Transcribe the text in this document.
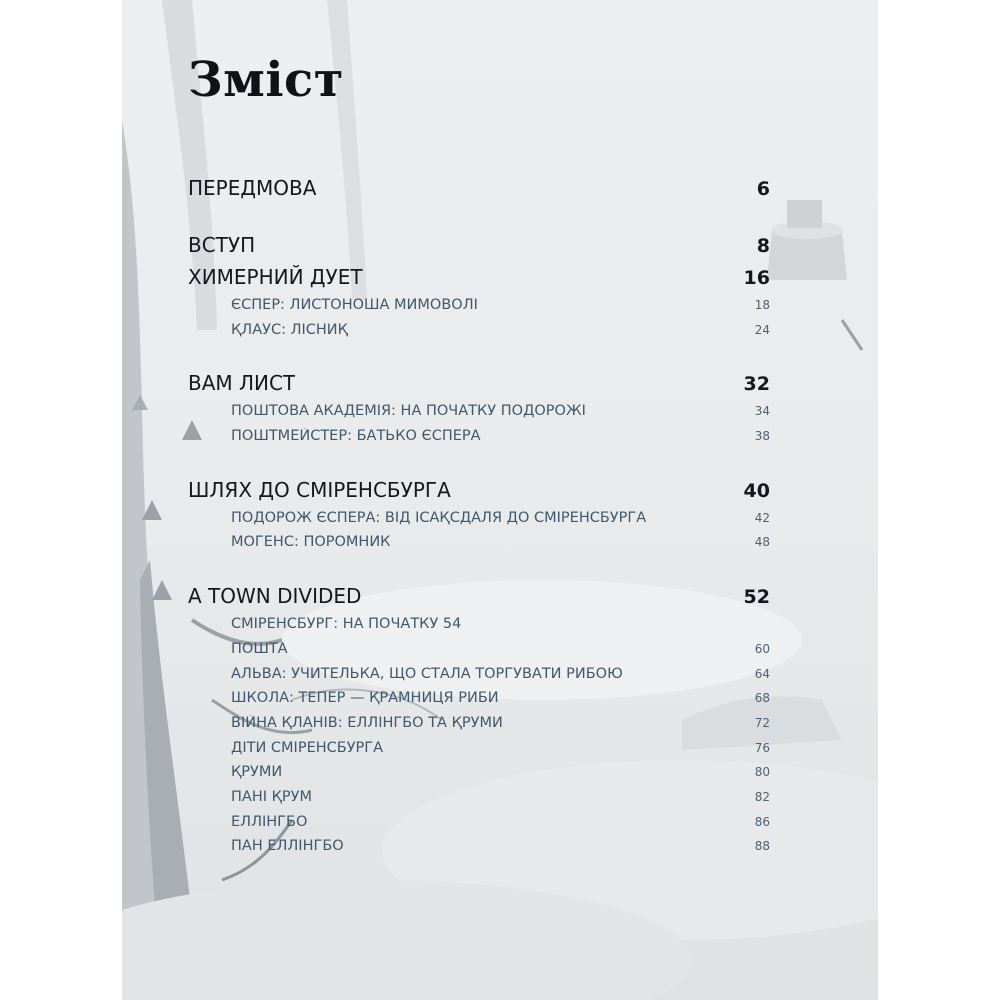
Зміст
ПЕРЕДМОВА	6
ВСТУП	8
ХИМЕРНИЙ ДУЕТ	16
ЄСПЕР: ЛИСТОНОША МИМОВОЛІ	18
ҚЛАУС: ЛІСНИҚ	24
ВАМ ЛИСТ	32
ПОШТОВА АКАДЕМІЯ: НА ПОЧАТКУ ПОДОРОЖІ	34
ПОШТМЕЙСТЕР: БАТЬКО ЄСПЕРА	38
ШЛЯХ ДО СМІРЕНСБУРГА	40
ПОДОРОЖ ЄСПЕРА: ВІД ІСАҚСДАЛЯ ДО СМІРЕНСБУРГА	42
МОГЕНС: ПОРОМНИК	48
A TOWN DIVIDED	52
СМІРЕНСБУРГ: НА ПОЧАТКУ 54
ПОШТА	60
АЛЬВА: УЧИТЕЛЬКА, ЩО СТАЛА ТОРГУВАТИ РИБОЮ	64
ШКОЛА: ТЕПЕР — ҚРАМНИЦЯ РИБИ	68
ВІЙНА ҚЛАНІВ: ЕЛЛІНГБО ТА ҚРУМИ	72
ДІТИ СМІРЕНСБУРГА	76
ҚРУМИ	80
ПАНІ ҚРУМ	82
ЕЛЛІНГБО	86
ПАН ЕЛЛІНГБО	88
